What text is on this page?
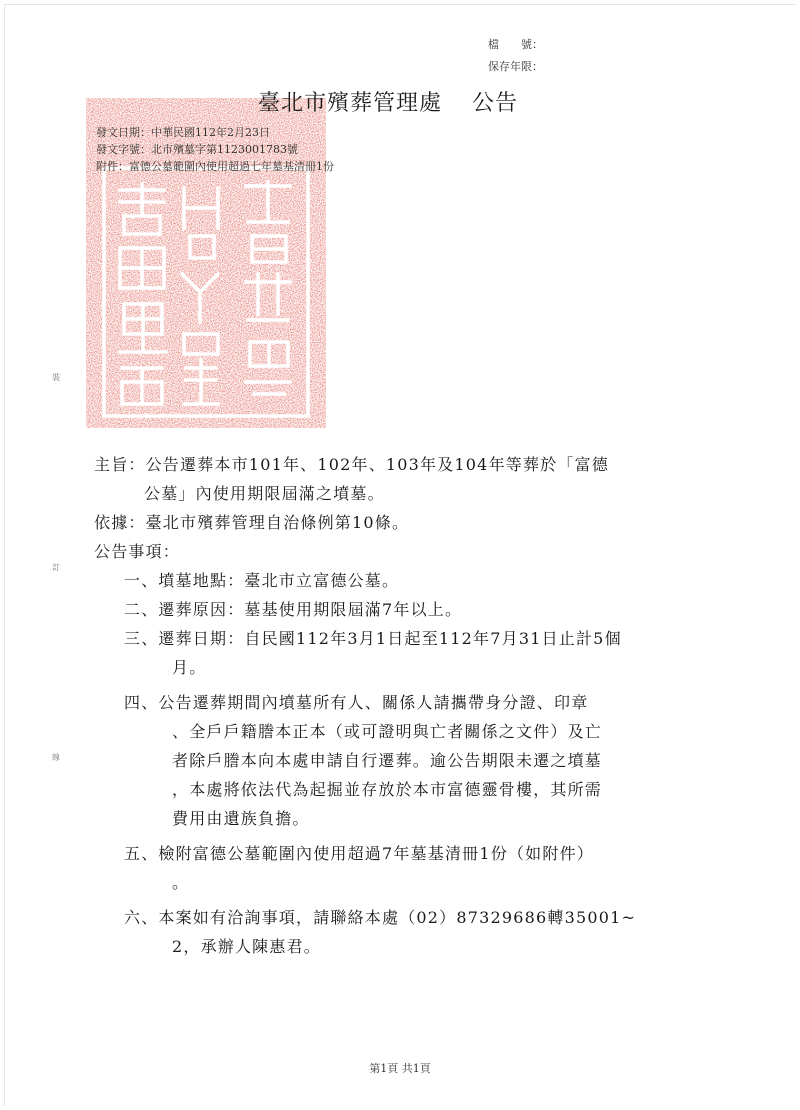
檔　　號：
保存年限：
臺北市殯葬管理處 公告
發文日期：中華民國112年2月23日
發文字號：北市殯墓字第1123001783號
附件：富德公墓範圍內使用超過七年墓基清冊1份
裝
訂
線
主旨：公告遷葬本市101年、102年、103年及104年等葬於「富德
公墓」內使用期限屆滿之墳墓。
依據：臺北市殯葬管理自治條例第10條。
公告事項：
一、墳墓地點：臺北市立富德公墓。
二、遷葬原因：墓基使用期限屆滿7年以上。
三、遷葬日期：自民國112年3月1日起至112年7月31日止計5個
月。
四、公告遷葬期間內墳墓所有人、關係人請攜帶身分證、印章
、全戶戶籍謄本正本（或可證明與亡者關係之文件）及亡
者除戶謄本向本處申請自行遷葬。逾公告期限未遷之墳墓
，本處將依法代為起掘並存放於本市富德靈骨樓，其所需
費用由遺族負擔。
五、檢附富德公墓範圍內使用超過7年墓基清冊1份（如附件）
。
六、本案如有洽詢事項，請聯絡本處（02）87329686轉35001~
2，承辦人陳惠君。
第1頁 共1頁
